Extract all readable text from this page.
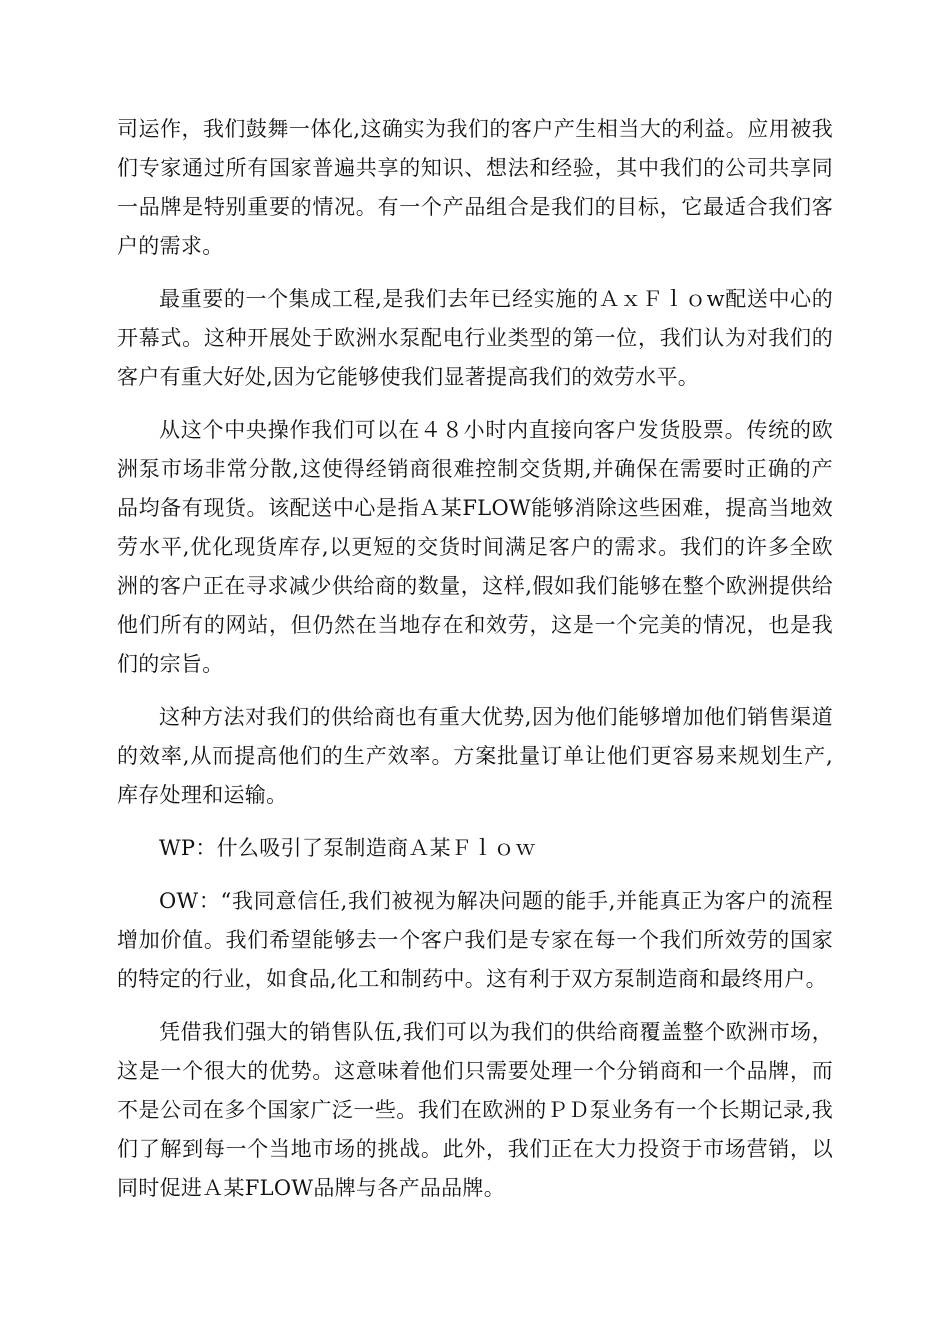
司运作，我们鼓舞一体化,这确实为我们的客户产生相当大的利益。应用被我们专家通过所有国家普遍共享的知识、想法和经验，其中我们的公司共享同一品牌是特别重要的情况。有一个产品组合是我们的目标，它最适合我们客户的需求。

最重要的一个集成工程,是我们去年已经实施的ＡｘＦｌｏw配送中心的开幕式。这种开展处于欧洲水泵配电行业类型的第一位，我们认为对我们的客户有重大好处,因为它能够使我们显著提高我们的效劳水平。

从这个中央操作我们可以在４８小时内直接向客户发货股票。传统的欧洲泵市场非常分散,这使得经销商很难控制交货期,并确保在需要时正确的产品均备有现货。该配送中心是指Ａ某FLOW能够消除这些困难，提高当地效劳水平,优化现货库存,以更短的交货时间满足客户的需求。我们的许多全欧洲的客户正在寻求减少供给商的数量，这样,假如我们能够在整个欧洲提供给他们所有的网站，但仍然在当地存在和效劳，这是一个完美的情况，也是我们的宗旨。

这种方法对我们的供给商也有重大优势,因为他们能够增加他们销售渠道的效率,从而提高他们的生产效率。方案批量订单让他们更容易来规划生产,库存处理和运输。

WP：什么吸引了泵制造商Ａ某Ｆｌｏｗ

OW：“我同意信任,我们被视为解决问题的能手,并能真正为客户的流程增加价值。我们希望能够去一个客户我们是专家在每一个我们所效劳的国家的特定的行业，如食品,化工和制药中。这有利于双方泵制造商和最终用户。

凭借我们强大的销售队伍,我们可以为我们的供给商覆盖整个欧洲市场，这是一个很大的优势。这意味着他们只需要处理一个分销商和一个品牌，而不是公司在多个国家广泛一些。我们在欧洲的ＰＤ泵业务有一个长期记录,我们了解到每一个当地市场的挑战。此外，我们正在大力投资于市场营销，以同时促进Ａ某FLOW品牌与各产品品牌。
